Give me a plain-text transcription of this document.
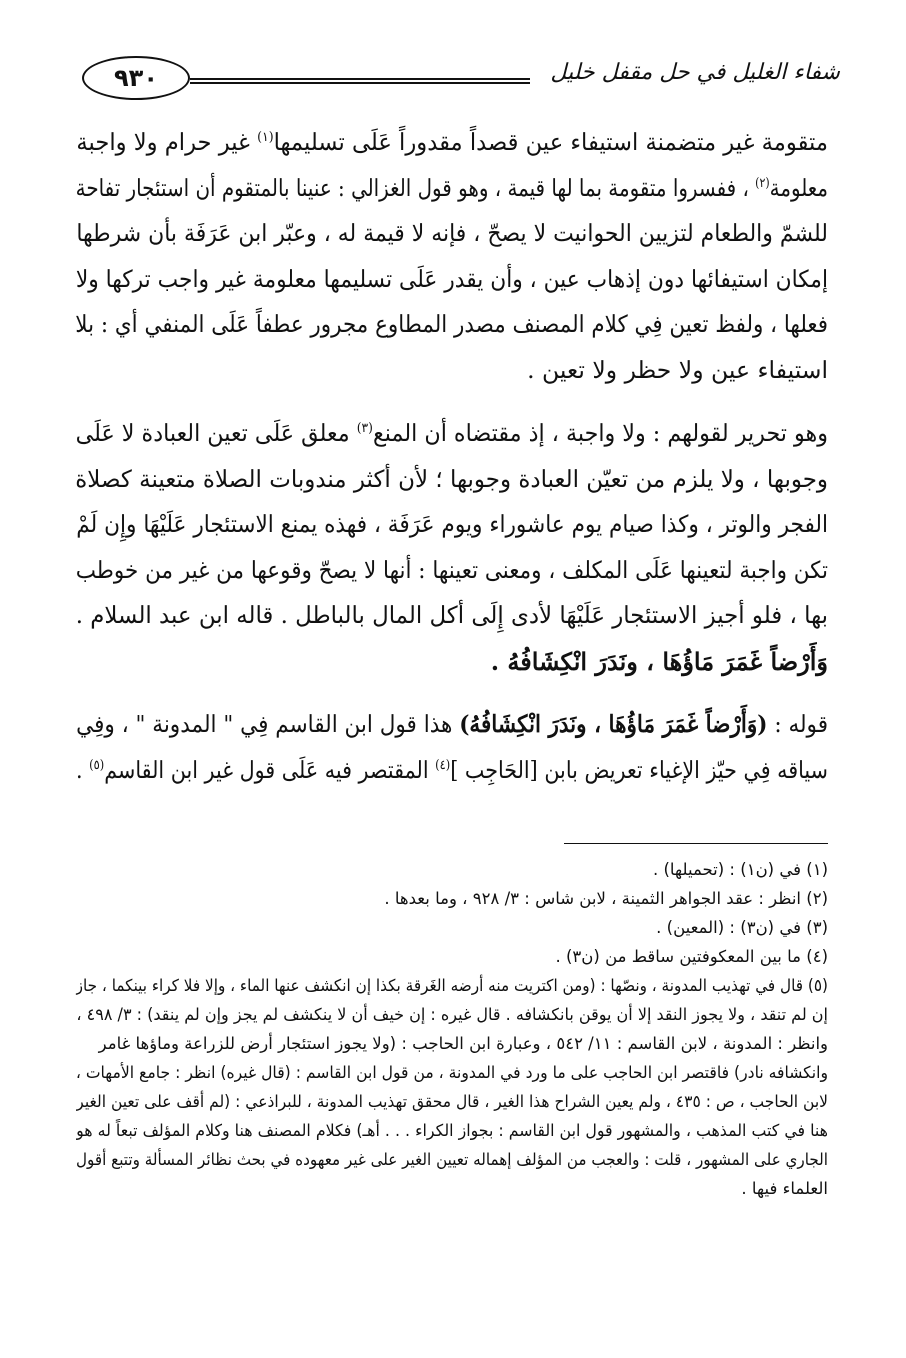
٩٣٠	شفاء الغليل في حل مقفل خليل
متقومة غير متضمنة استيفاء عين قصداً مقدوراً عَلَى تسليمها$^{(١)}$ غير حرام ولا واجبة
معلومة$^{(٢)}$ ، ففسروا متقومة بما لها قيمة ، وهو قول الغزالي : عنينا بالمتقوم أن استئجار تفاحة
للشمّ والطعام لتزيين الحوانيت لا يصحّ ، فإنه لا قيمة له ، وعبّر ابن عَرَفَة بأن شرطها
إمكان استيفائها دون إذهاب عين ، وأن يقدر عَلَى تسليمها معلومة غير واجب تركها ولا
فعلها ، ولفظ تعين فِي كلام المصنف مصدر المطاوع مجرور عطفاً عَلَى المنفي أي : بلا
استيفاء عين ولا حظر ولا تعين .
وهو تحرير لقولهم : ولا واجبة ، إذ مقتضاه أن المنع$^{(٣)}$ معلق عَلَى تعين العبادة لا عَلَى
وجوبها ، ولا يلزم من تعيّن العبادة وجوبها ؛ لأن أكثر مندوبات الصلاة متعينة كصلاة
الفجر والوتر ، وكذا صيام يوم عاشوراء ويوم عَرَفَة ، فهذه يمنع الاستئجار عَلَيْهَا وإِن لَمْ
تكن واجبة لتعينها عَلَى المكلف ، ومعنى تعينها : أنها لا يصحّ وقوعها من غير من خوطب
بها ، فلو أجيز الاستئجار عَلَيْهَا لأدى إِلَى أكل المال بالباطل . قاله ابن عبد السلام .
وَأَرْضاً غَمَرَ مَاؤُهَا ، ونَدَرَ انْكِشَافُهُ .
قوله : (وَأَرْضاً غَمَرَ مَاؤُهَا ، ونَدَرَ انْكِشَافُهُ) هذا قول ابن القاسم فِي " المدونة " ، وفِي
سياقه فِي حيّز الإغياء تعريض بابن [الحَاجِب ]$^{(٤)}$ المقتصر فيه عَلَى قول غير ابن القاسم$^{(٥)}$ .
(١) في (ن١) : (تحميلها) .
(٢) انظر : عقد الجواهر الثمينة ، لابن شاس : ٣/ ٩٢٨ ، وما بعدها .
(٣) في (ن٣) : (المعين) .
(٤) ما بين المعكوفتين ساقط من (ن٣) .
(٥) قال في تهذيب المدونة ، ونصّها : (ومن اكتريت منه أرضه الغَرقة بكذا إن انكشف عنها الماء ، وإلا فلا كراء بينكما ، جاز
إن لم تنقد ، ولا يجوز النقد إلا أن يوقن بانكشافه . قال غيره : إن خيف أن لا ينكشف لم يجز وإن لم ينقد) : ٣/ ٤٩٨ ،
وانظر : المدونة ، لابن القاسم : ١١/ ٥٤٢ ، وعبارة ابن الحاجب : (ولا يجوز استئجار أرض للزراعة وماؤها غامر
وانكشافه نادر) فاقتصر ابن الحاجب على ما ورد في المدونة ، من قول ابن القاسم : (قال غيره) انظر : جامع الأمهات ،
لابن الحاجب ، ص : ٤٣٥ ، ولم يعين الشراح هذا الغير ، قال محقق تهذيب المدونة ، للبراذعي : (لم أقف على تعين الغير
هنا في كتب المذهب ، والمشهور قول ابن القاسم : بجواز الكراء . . . أهـ) فكلام المصنف هنا وكلام المؤلف تبعاً له هو
الجاري على المشهور ، قلت : والعجب من المؤلف إهماله تعيين الغير على غير معهوده في بحث نظائر المسألة وتتبع أقول
العلماء فيها .
